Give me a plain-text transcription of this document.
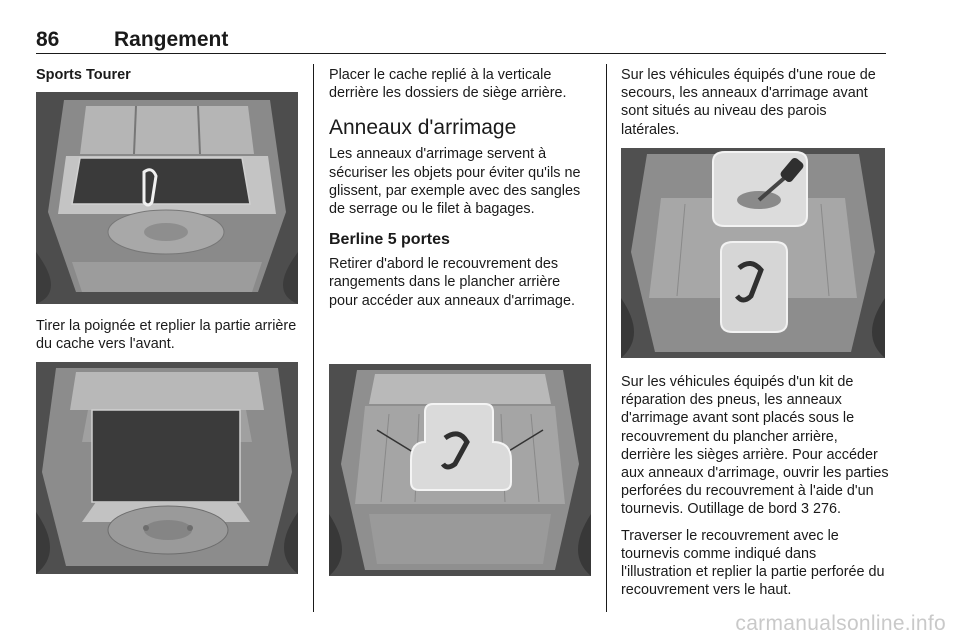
86	Rangement

Sports Tourer

Tirer la poignée et replier la partie arrière du cache vers l'avant.

Placer le cache replié à la verticale derrière les dossiers de siège arrière.

Anneaux d'arrimage

Les anneaux d'arrimage servent à sécuriser les objets pour éviter qu'ils ne glissent, par exemple avec des sangles de serrage ou le filet à bagages.

Berline 5 portes

Retirer d'abord le recouvrement des rangements dans le plancher arrière pour accéder aux anneaux d'arrimage.

Sur les véhicules équipés d'une roue de secours, les anneaux d'arrimage avant sont situés au niveau des parois latérales.

Sur les véhicules équipés d'un kit de réparation des pneus, les anneaux d'arrimage avant sont placés sous le recouvrement du plancher arrière, derrière les sièges arrière. Pour accéder aux anneaux d'arrimage, ouvrir les parties perforées du recouvrement à l'aide d'un tournevis. Outillage de bord 3 276.

Traverser le recouvrement avec le tournevis comme indiqué dans l'illustration et replier la partie perforée du recouvrement vers le haut.

carmanualsonline.info
